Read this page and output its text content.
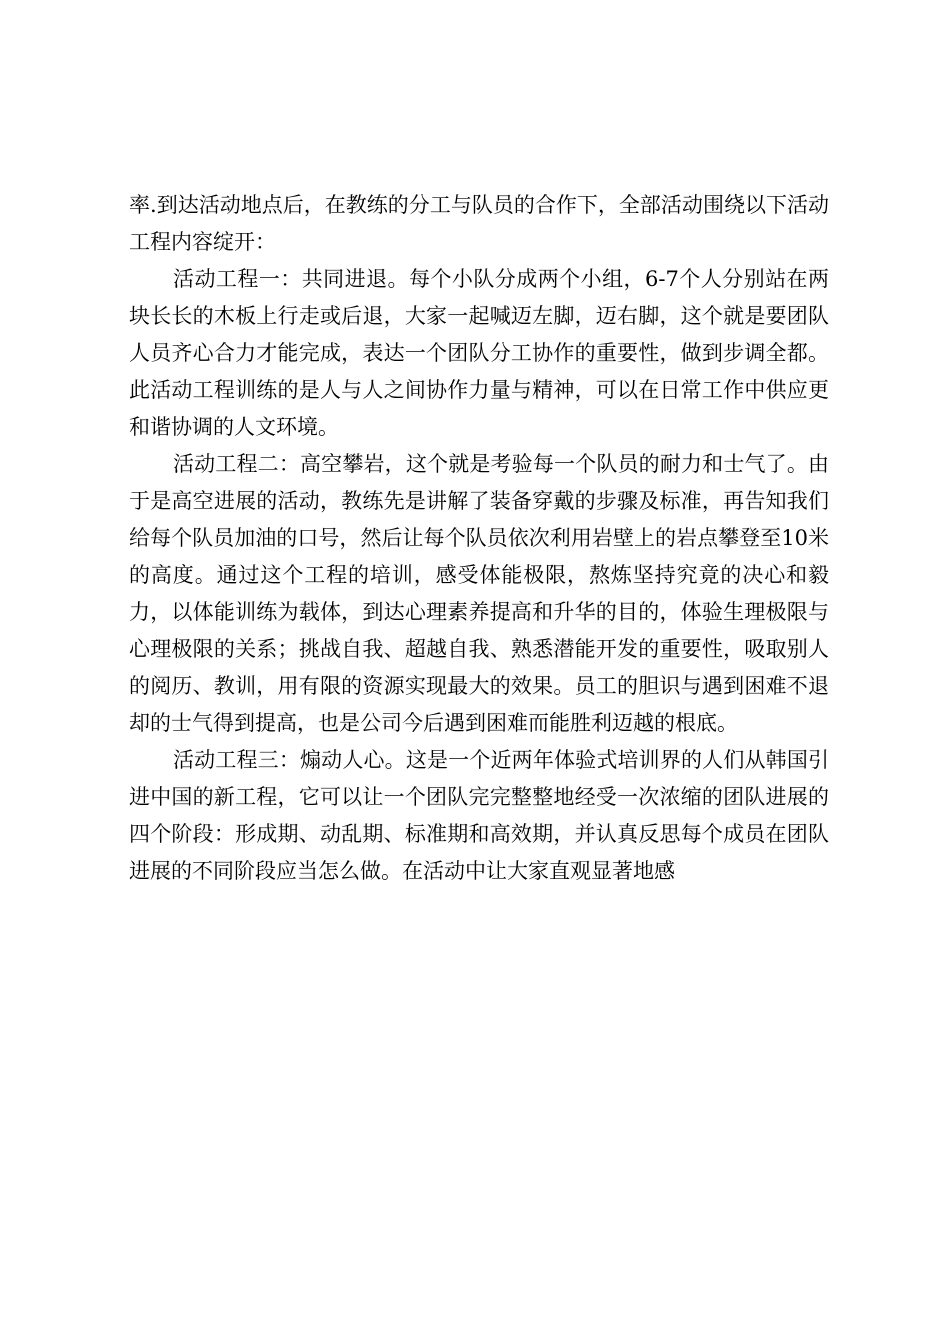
率.到达活动地点后，在教练的分工与队员的合作下，全部活动围绕以下活动工程内容绽开：

活动工程一：共同进退。每个小队分成两个小组，6-7个人分别站在两块长长的木板上行走或后退，大家一起喊迈左脚，迈右脚，这个就是要团队人员齐心合力才能完成，表达一个团队分工协作的重要性，做到步调全都。此活动工程训练的是人与人之间协作力量与精神，可以在日常工作中供应更和谐协调的人文环境。

活动工程二：高空攀岩，这个就是考验每一个队员的耐力和士气了。由于是高空进展的活动，教练先是讲解了装备穿戴的步骤及标准，再告知我们给每个队员加油的口号，然后让每个队员依次利用岩壁上的岩点攀登至10米的高度。通过这个工程的培训，感受体能极限，熬炼坚持究竟的决心和毅力，以体能训练为载体，到达心理素养提高和升华的目的，体验生理极限与心理极限的关系；挑战自我、超越自我、熟悉潜能开发的重要性，吸取别人的阅历、教训，用有限的资源实现最大的效果。员工的胆识与遇到困难不退却的士气得到提高，也是公司今后遇到困难而能胜利迈越的根底。

活动工程三：煽动人心。这是一个近两年体验式培训界的人们从韩国引进中国的新工程，它可以让一个团队完完整整地经受一次浓缩的团队进展的四个阶段：形成期、动乱期、标准期和高效期，并认真反思每个成员在团队进展的不同阶段应当怎么做。在活动中让大家直观显著地感
